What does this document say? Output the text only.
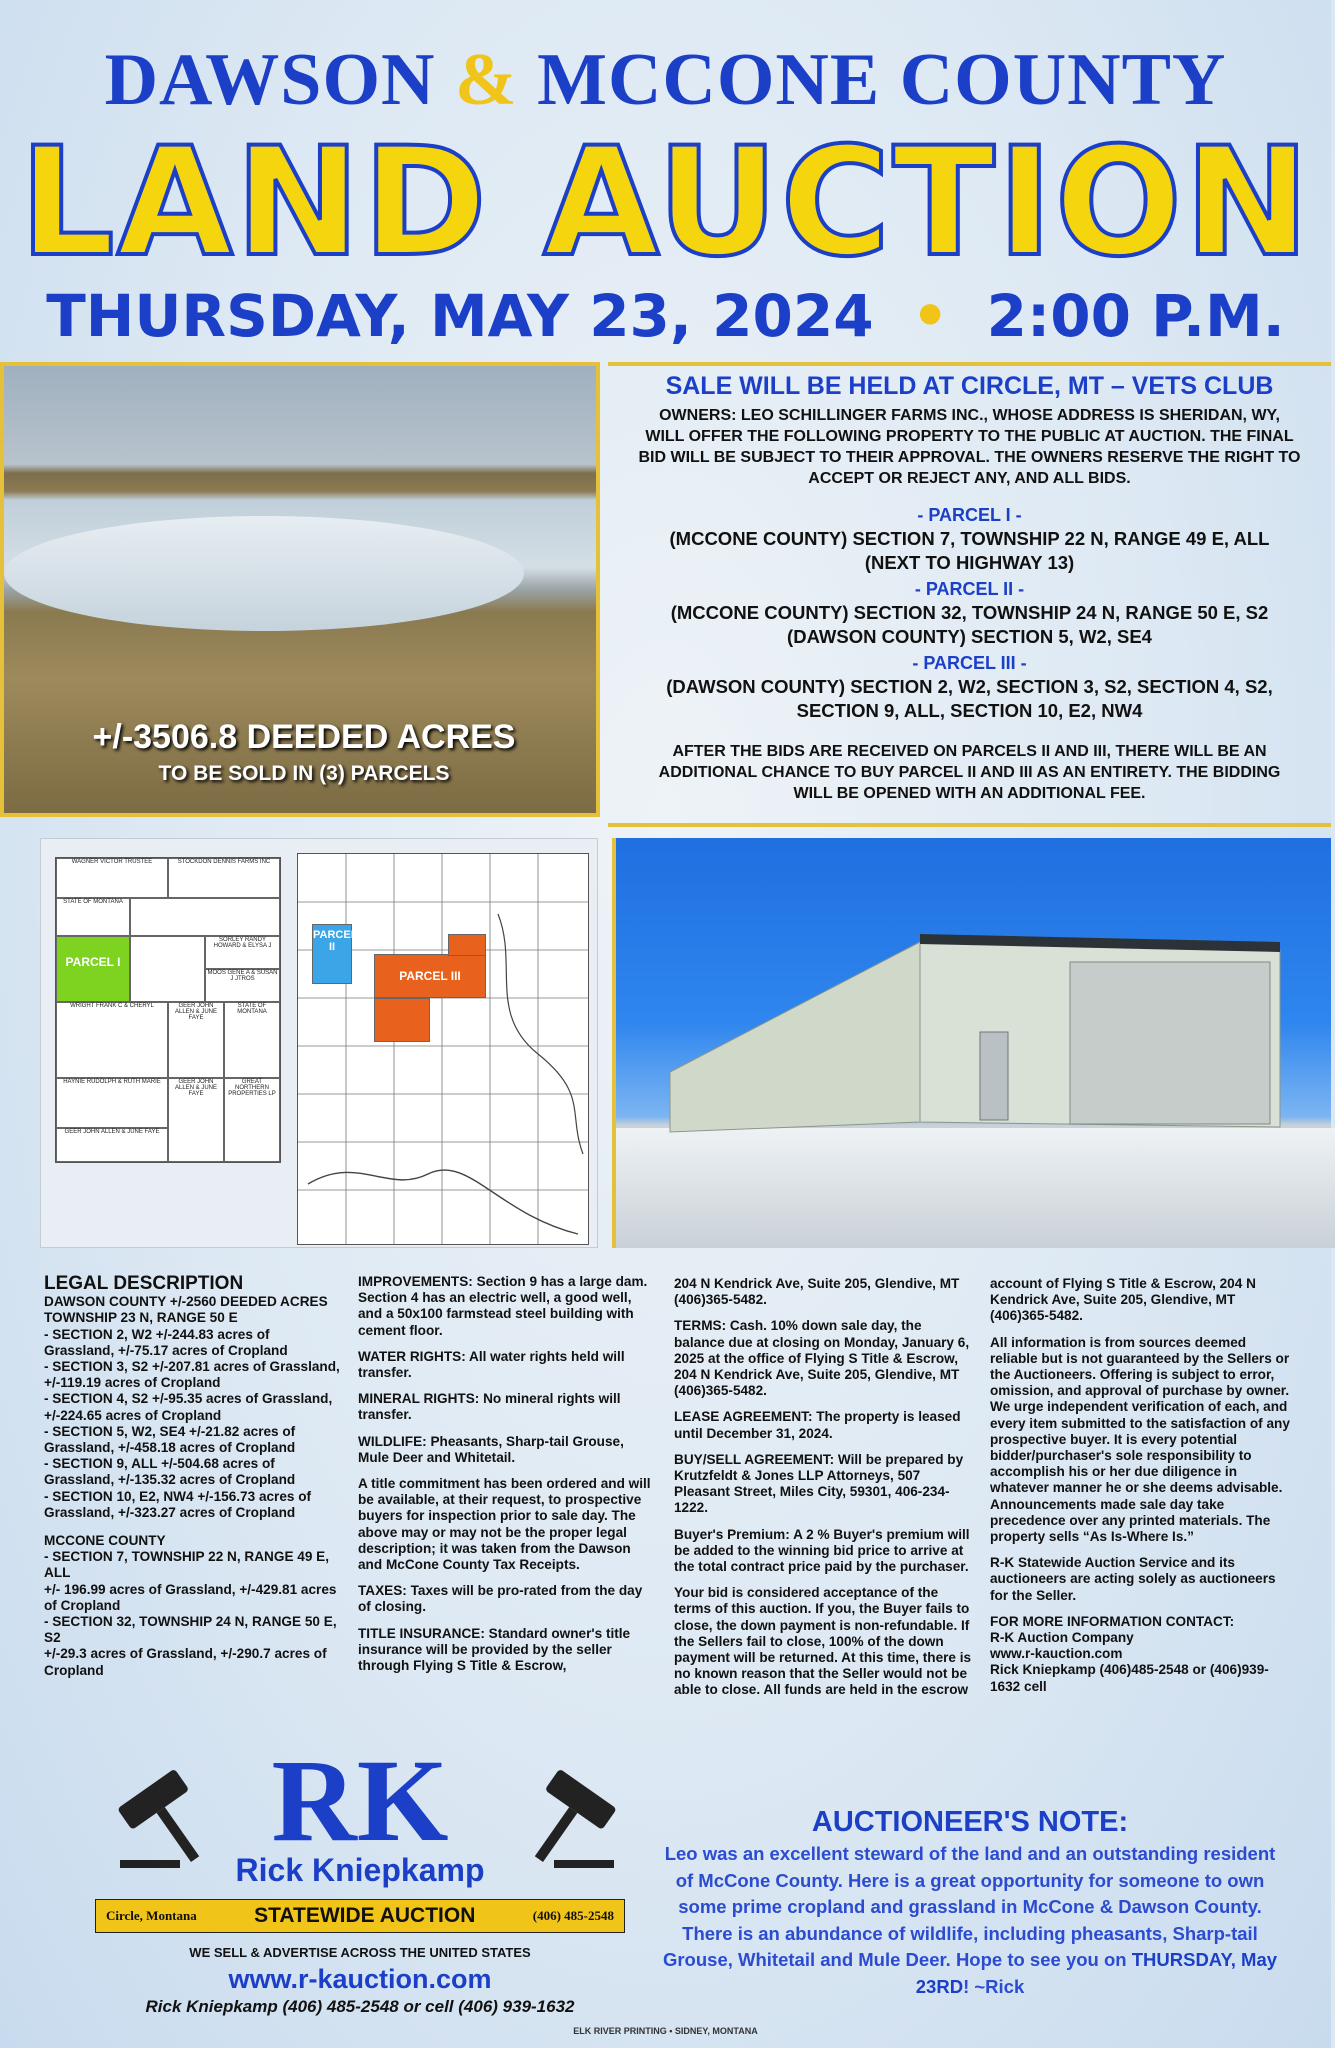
DAWSON & MCCONE COUNTY
LAND AUCTION
THURSDAY, MAY 23, 2024 • 2:00 P.M.
+/-3506.8 DEEDED ACRES
TO BE SOLD IN (3) PARCELS
SALE WILL BE HELD AT CIRCLE, MT – VETS CLUB
OWNERS: LEO SCHILLINGER FARMS INC., WHOSE ADDRESS IS SHERIDAN, WY, WILL OFFER THE FOLLOWING PROPERTY TO THE PUBLIC AT AUCTION. THE FINAL BID WILL BE SUBJECT TO THEIR APPROVAL. THE OWNERS RESERVE THE RIGHT TO ACCEPT OR REJECT ANY, AND ALL BIDS.
- PARCEL I -
(MCCONE COUNTY) SECTION 7, TOWNSHIP 22 N, RANGE 49 E, ALL
(NEXT TO HIGHWAY 13)
- PARCEL II -
(MCCONE COUNTY) SECTION 32, TOWNSHIP 24 N, RANGE 50 E, S2
(DAWSON COUNTY) SECTION 5, W2, SE4
- PARCEL III -
(DAWSON COUNTY) SECTION 2, W2, SECTION 3, S2, SECTION 4, S2,
SECTION 9, ALL, SECTION 10, E2, NW4
AFTER THE BIDS ARE RECEIVED ON PARCELS II AND III, THERE WILL BE AN ADDITIONAL CHANCE TO BUY PARCEL II AND III AS AN ENTIRETY. THE BIDDING WILL BE OPENED WITH AN ADDITIONAL FEE.
WAGNER VICTOR TRUSTEE	STOCKDON DENNIS FARMS INC
STATE OF MONTANA
PARCEL I
SORLEY RANDY HOWARD & ELYSA J
MOOS GENE A & SUSAN J JTROS
WRIGHT FRANK C & CHERYL	GEER JOHN ALLEN & JUNE FAYE
STATE OF MONTANA
HAYNIE RUDOLPH & RUTH MARIE	GEER JOHN ALLEN & JUNE FAYE
GREAT NORTHERN PROPERTIES LP
GEER JOHN ALLEN & JUNE FAYE
PARCEL II
PARCEL III
LEGAL DESCRIPTION
DAWSON COUNTY +/-2560 DEEDED ACRES
TOWNSHIP 23 N, RANGE 50 E
- SECTION 2, W2 +/-244.83 acres of Grassland, +/-75.17 acres of Cropland
- SECTION 3, S2 +/-207.81 acres of Grassland, +/-119.19 acres of Cropland
- SECTION 4, S2 +/-95.35 acres of Grassland, +/-224.65 acres of Cropland
- SECTION 5, W2, SE4 +/-21.82 acres of Grassland, +/-458.18 acres of Cropland
- SECTION 9, ALL +/-504.68 acres of Grassland, +/-135.32 acres of Cropland
- SECTION 10, E2, NW4 +/-156.73 acres of Grassland, +/-323.27 acres of Cropland
MCCONE COUNTY
- SECTION 7, TOWNSHIP 22 N, RANGE 49 E, ALL
+/- 196.99 acres of Grassland, +/-429.81 acres of Cropland
- SECTION 32, TOWNSHIP 24 N, RANGE 50 E, S2
+/-29.3 acres of Grassland, +/-290.7 acres of Cropland

IMPROVEMENTS: Section 9 has a large dam. Section 4 has an electric well, a good well, and a 50x100 farmstead steel building with cement floor.

WATER RIGHTS: All water rights held will transfer.

MINERAL RIGHTS: No mineral rights will transfer.

WILDLIFE: Pheasants, Sharp-tail Grouse, Mule Deer and Whitetail.

A title commitment has been ordered and will be available, at their request, to prospective buyers for inspection prior to sale day. The above may or may not be the proper legal description; it was taken from the Dawson and McCone County Tax Receipts.

TAXES: Taxes will be pro-rated from the day of closing.

TITLE INSURANCE: Standard owner's title insurance will be provided by the seller through Flying S Title & Escrow,

204 N Kendrick Ave, Suite 205, Glendive, MT (406)365-5482.

TERMS: Cash. 10% down sale day, the balance due at closing on Monday, January 6, 2025 at the office of Flying S Title & Escrow, 204 N Kendrick Ave, Suite 205, Glendive, MT (406)365-5482.

LEASE AGREEMENT: The property is leased until December 31, 2024.

BUY/SELL AGREEMENT: Will be prepared by Krutzfeldt & Jones LLP Attorneys, 507 Pleasant Street, Miles City, 59301, 406-234-1222.

Buyer's Premium: A 2 % Buyer's premium will be added to the winning bid price to arrive at the total contract price paid by the purchaser.

Your bid is considered acceptance of the terms of this auction. If you, the Buyer fails to close, the down payment is non-refundable. If the Sellers fail to close, 100% of the down payment will be returned. At this time, there is no known reason that the Seller would not be able to close. All funds are held in the escrow

account of Flying S Title & Escrow, 204 N Kendrick Ave, Suite 205, Glendive, MT (406)365-5482.

All information is from sources deemed reliable but is not guaranteed by the Sellers or the Auctioneers. Offering is subject to error, omission, and approval of purchase by owner. We urge independent verification of each, and every item submitted to the satisfaction of any prospective buyer. It is every potential bidder/purchaser's sole responsibility to accomplish his or her due diligence in whatever manner he or she deems advisable. Announcements made sale day take precedence over any printed materials. The property sells “As Is-Where Is.”

R-K Statewide Auction Service and its auctioneers are acting solely as auctioneers for the Seller.

FOR MORE INFORMATION CONTACT:
R-K Auction Company
www.r-kauction.com
Rick Kniepkamp (406)485-2548 or (406)939-1632 cell
RK
Rick Kniepkamp
Circle, Montana	STATEWIDE AUCTION	(406) 485-2548
WE SELL & ADVERTISE ACROSS THE UNITED STATES
www.r-kauction.com
Rick Kniepkamp (406) 485-2548 or cell (406) 939-1632
AUCTIONEER'S NOTE:
Leo was an excellent steward of the land and an outstanding resident of McCone County. Here is a great opportunity for someone to own some prime cropland and grassland in McCone & Dawson County. There is an abundance of wildlife, including pheasants, Sharp-tail Grouse, Whitetail and Mule Deer. Hope to see you on THURSDAY, May 23RD! ~Rick
ELK RIVER PRINTING • SIDNEY, MONTANA
